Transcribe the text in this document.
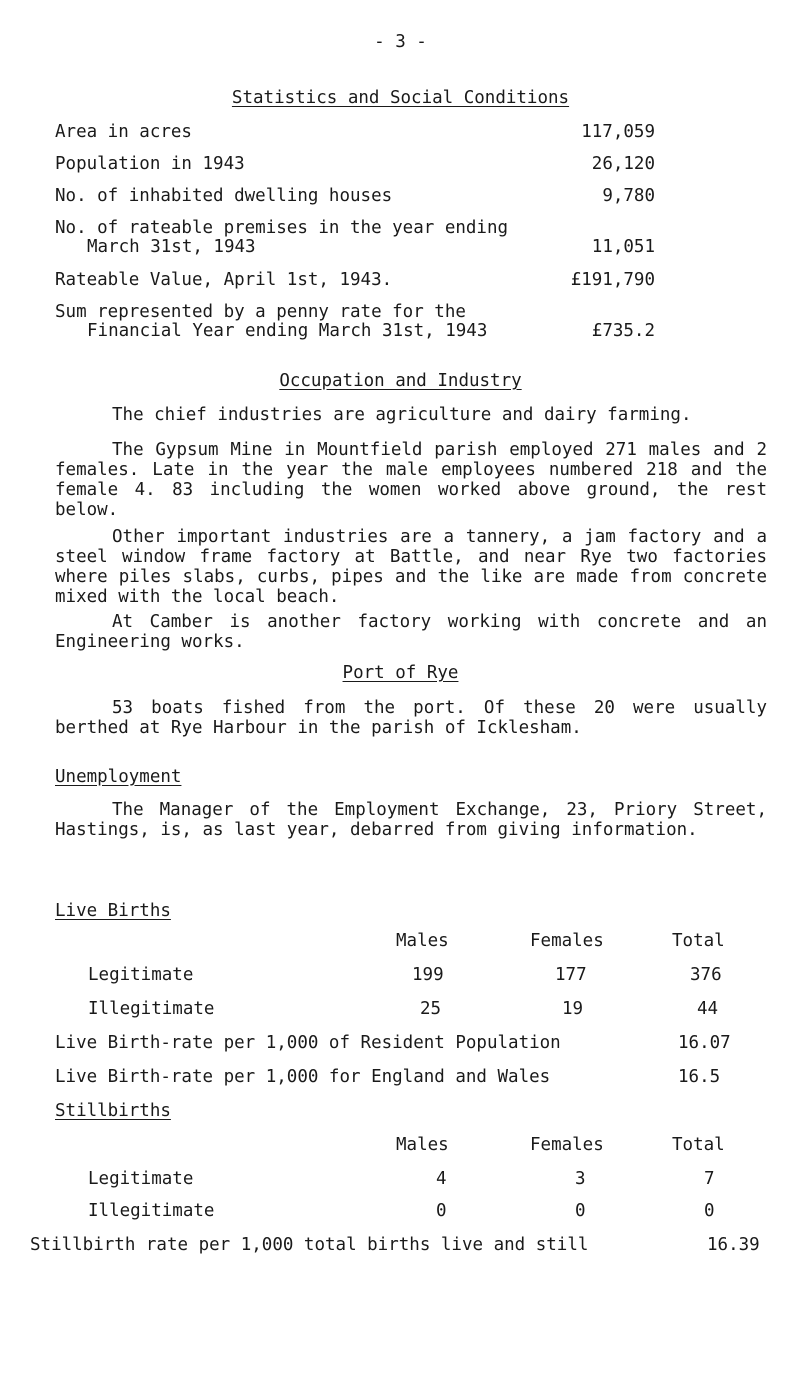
- 3 -
Statistics and Social Conditions
Area in acres	117,059
Population in 1943	26,120
No. of inhabited dwelling houses	9,780
No. of rateable premises in the year ending
March 31st, 1943	11,051
Rateable Value, April 1st, 1943.	£191,790
Sum represented by a penny rate for the
Financial Year ending March 31st, 1943	£735.2
Occupation and Industry
The chief industries are agriculture and dairy farming.
The Gypsum Mine in Mountfield parish employed 271 males and 2 females. Late in the year the male employees numbered 218 and the female 4. 83 including the women worked above ground, the rest below.
Other important industries are a tannery, a jam factory and a steel window frame factory at Battle, and near Rye two factories where piles slabs, curbs, pipes and the like are made from concrete mixed with the local beach.
At Camber is another factory working with concrete and an Engineering works.
Port of Rye
53 boats fished from the port. Of these 20 were usually berthed at Rye Harbour in the parish of Icklesham.
Unemployment
The Manager of the Employment Exchange, 23, Priory Street, Hastings, is, as last year, debarred from giving information.
Live Births
Males	Females	Total
Legitimate	199	177	376
Illegitimate	25	19	44
Live Birth-rate per 1,000 of Resident Population	16.07
Live Birth-rate per 1,000 for England and Wales	16.5
Stillbirths
Males	Females	Total
Legitimate	4	3	7
Illegitimate	0	0	0
Stillbirth rate per 1,000 total births live and still	16.39
